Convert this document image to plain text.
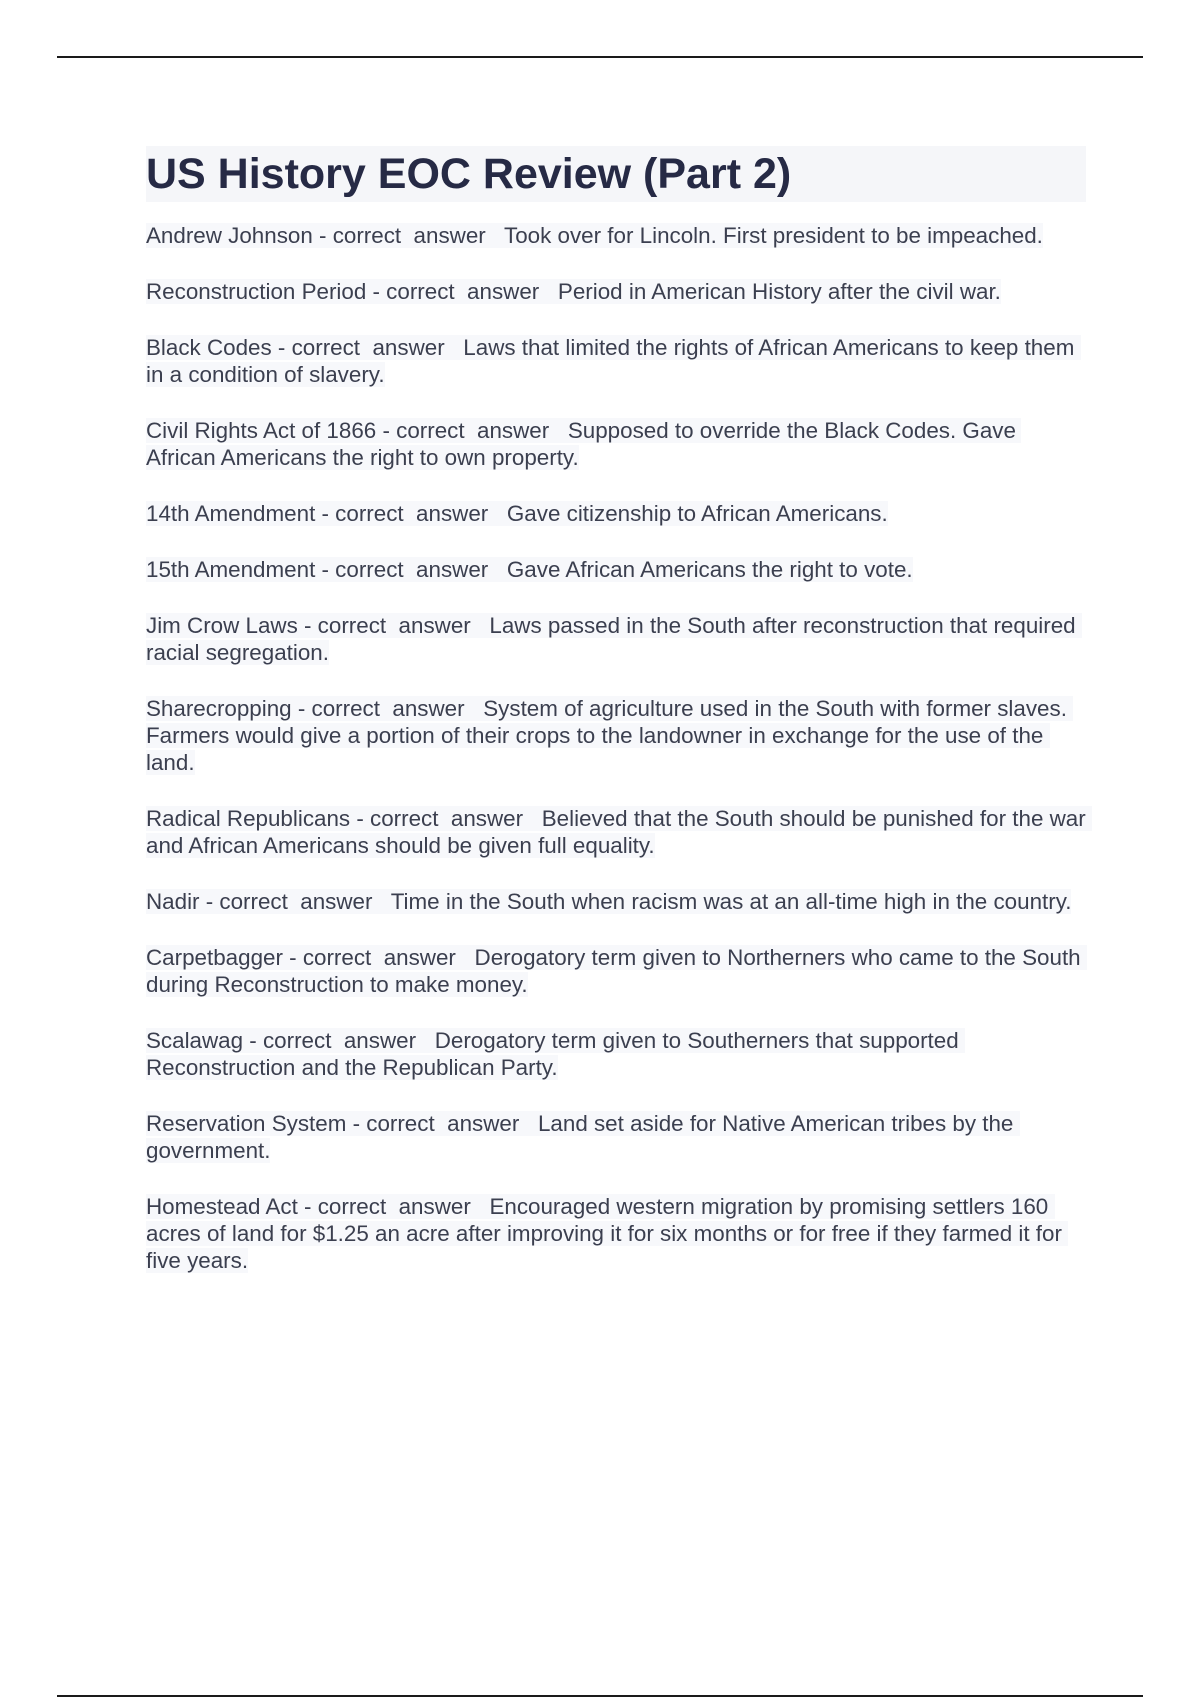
US History EOC Review (Part 2)

Andrew Johnson - correct  answer   Took over for Lincoln. First president to be impeached.

Reconstruction Period - correct  answer   Period in American History after the civil war.

Black Codes - correct  answer   Laws that limited the rights of African Americans to keep them in a condition of slavery.

Civil Rights Act of 1866 - correct  answer   Supposed to override the Black Codes. Gave African Americans the right to own property.

14th Amendment - correct  answer   Gave citizenship to African Americans.

15th Amendment - correct  answer   Gave African Americans the right to vote.

Jim Crow Laws - correct  answer   Laws passed in the South after reconstruction that required racial segregation.

Sharecropping - correct  answer   System of agriculture used in the South with former slaves. Farmers would give a portion of their crops to the landowner in exchange for the use of the land.

Radical Republicans - correct  answer   Believed that the South should be punished for the war and African Americans should be given full equality.

Nadir - correct  answer   Time in the South when racism was at an all-time high in the country.

Carpetbagger - correct  answer   Derogatory term given to Northerners who came to the South during Reconstruction to make money.

Scalawag - correct  answer   Derogatory term given to Southerners that supported Reconstruction and the Republican Party.

Reservation System - correct  answer   Land set aside for Native American tribes by the government.

Homestead Act - correct  answer   Encouraged western migration by promising settlers 160 acres of land for $1.25 an acre after improving it for six months or for free if they farmed it for five years.
